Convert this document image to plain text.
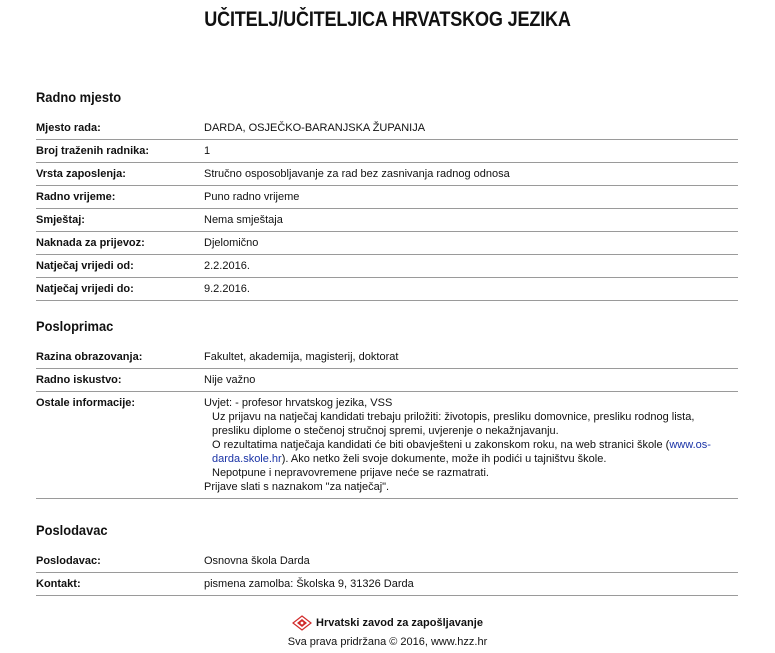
UČITELJ/UČITELJICA HRVATSKOG JEZIKA
Radno mjesto
Mjesto rada:	DARDA, OSJEČKO-BARANJSKA ŽUPANIJA
Broj traženih radnika:	1
Vrsta zaposlenja:	Stručno osposobljavanje za rad bez zasnivanja radnog odnosa
Radno vrijeme:	Puno radno vrijeme
Smještaj:	Nema smještaja
Naknada za prijevoz:	Djelomično
Natječaj vrijedi od:	2.2.2016.
Natječaj vrijedi do:	9.2.2016.
Posloprimac
Razina obrazovanja:	Fakultet, akademija, magisterij, doktorat
Radno iskustvo:	Nije važno
Ostale informacije:	Uvjet: - profesor hrvatskog jezika, VSS
Uz prijavu na natječaj kandidati trebaju priložiti: životopis, presliku domovnice, presliku rodnog lista, presliku diplome o stečenoj stručnoj spremi, uvjerenje o nekažnjavanju.
O rezultatima natječaja kandidati će biti obavješteni u zakonskom roku, na web stranici škole (www.os-darda.skole.hr). Ako netko želi svoje dokumente, može ih podići u tajništvu škole.
Nepotpune i nepravovremene prijave neće se razmatrati.
Prijave slati s naznakom "za natječaj".
Poslodavac
Poslodavac:	Osnovna škola Darda
Kontakt:	pismena zamolba: Školska 9, 31326 Darda
Hrvatski zavod za zapošljavanje
Sva prava pridržana © 2016, www.hzz.hr
